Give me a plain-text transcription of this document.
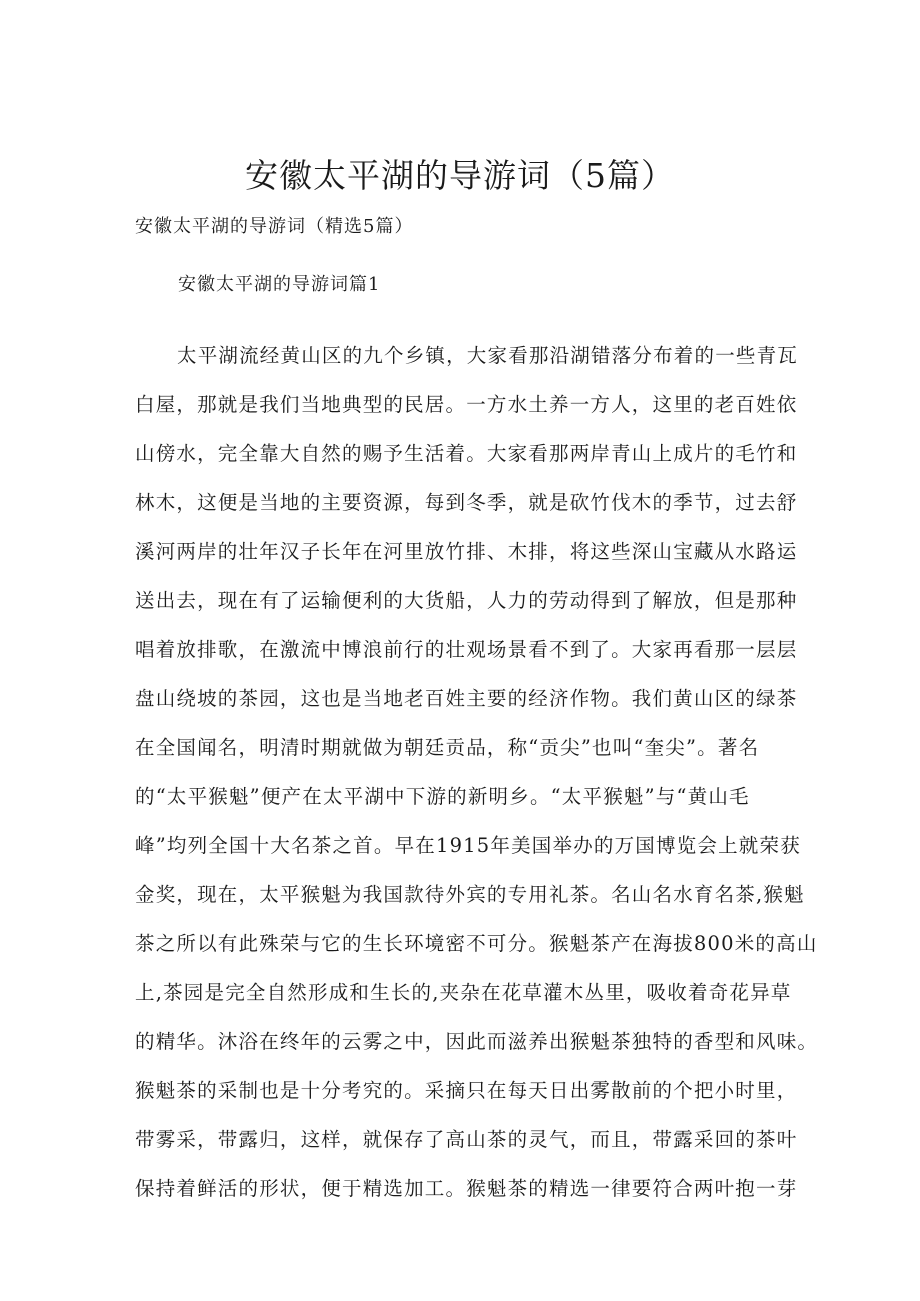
安徽太平湖的导游词（5篇）

安徽太平湖的导游词（精选5篇）

安徽太平湖的导游词篇1
太平湖流经黄山区的九个乡镇，大家看那沿湖错落分布着的一些青瓦
白屋，那就是我们当地典型的民居。一方水土养一方人，这里的老百姓依
山傍水，完全靠大自然的赐予生活着。大家看那两岸青山上成片的毛竹和
林木，这便是当地的主要资源，每到冬季，就是砍竹伐木的季节，过去舒
溪河两岸的壮年汉子长年在河里放竹排、木排，将这些深山宝藏从水路运
送出去，现在有了运输便利的大货船，人力的劳动得到了解放，但是那种
唱着放排歌，在激流中博浪前行的壮观场景看不到了。大家再看那一层层
盘山绕坡的茶园，这也是当地老百姓主要的经济作物。我们黄山区的绿茶
在全国闻名，明清时期就做为朝廷贡品，称“贡尖”也叫“奎尖”。著名
的“太平猴魁”便产在太平湖中下游的新明乡。“太平猴魁”与“黄山毛
峰”均列全国十大名茶之首。早在1915年美国举办的万国博览会上就荣获
金奖，现在，太平猴魁为我国款待外宾的专用礼茶。名山名水育名茶,猴魁
茶之所以有此殊荣与它的生长环境密不可分。猴魁茶产在海拔800米的高山
上,茶园是完全自然形成和生长的,夹杂在花草灌木丛里，吸收着奇花异草
的精华。沐浴在终年的云雾之中，因此而滋养出猴魁茶独特的香型和风味。
猴魁茶的采制也是十分考究的。采摘只在每天日出雾散前的个把小时里，
带雾采，带露归，这样，就保存了高山茶的灵气，而且，带露采回的茶叶
保持着鲜活的形状，便于精选加工。猴魁茶的精选一律要符合两叶抱一芽
